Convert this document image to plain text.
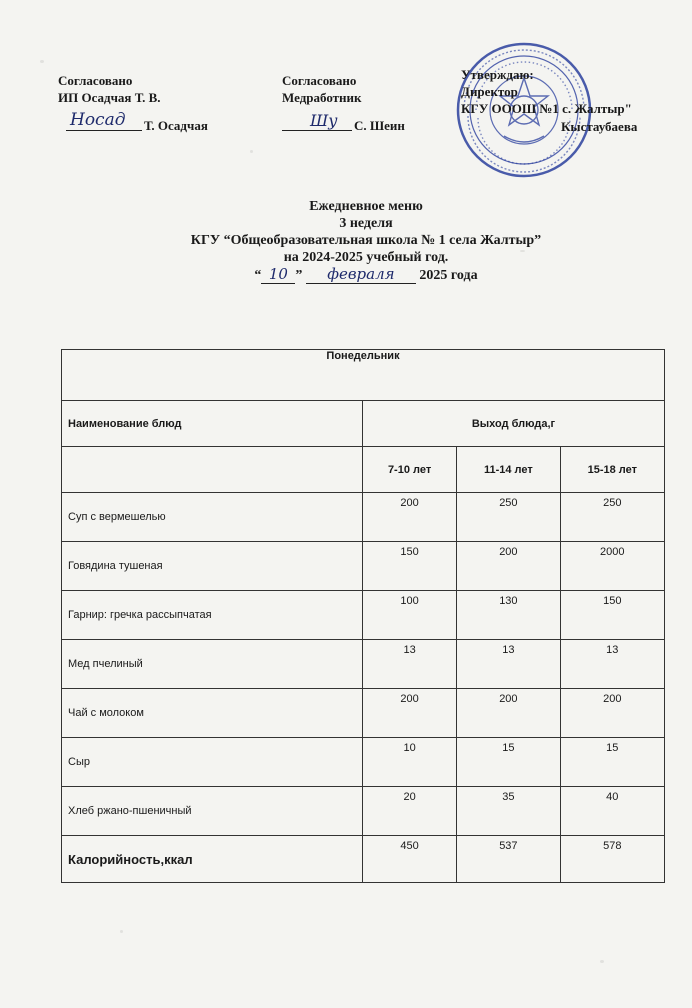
Согласовано
ИП Осадчая Т. В.
Носад Т. Осадчая
Согласовано
Медработник
Шу С. Шеин
Утверждаю:
Директор
КГУ ОООШ №1 с. Жалтыр"
Кыстаубаева
Ежедневное меню
3 неделя
КГУ “Общеобразовательная школа № 1 села Жалтыр”
на 2024-2025 учебный год.
“ 10 ” февраля 2025 года
Понедельник			
Наименование блюд	Выход блюда,г		
	7-10 лет	11-14 лет	15-18 лет
Суп с вермешелью	200	250	250
Говядина тушеная	150	200	2000
Гарнир: гречка рассыпчатая	100	130	150
Мед пчелиный	13	13	13
Чай с молоком	200	200	200
Сыр	10	15	15
Хлеб ржано-пшеничный	20	35	40
Калорийность,ккал	450	537	578
